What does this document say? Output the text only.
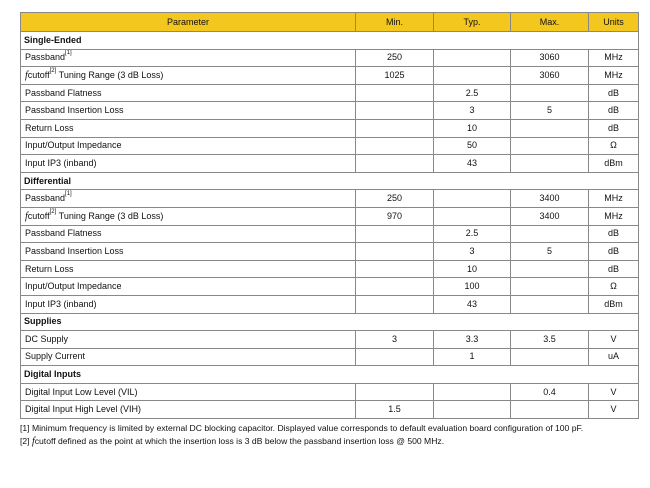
Parameter	Min.	Typ.	Max.	Units
Single-Ended				
Passband[1]	250		3060	MHz
fcutoff[2] Tuning Range (3 dB Loss)	1025		3060	MHz
Passband Flatness		2.5		dB
Passband Insertion Loss		3	5	dB
Return Loss		10		dB
Input/Output Impedance		50		Ω
Input IP3 (inband)		43		dBm
Differential				
Passband[1]	250		3400	MHz
fcutoff[2] Tuning Range (3 dB Loss)	970		3400	MHz
Passband Flatness		2.5		dB
Passband Insertion Loss		3	5	dB
Return Loss		10		dB
Input/Output Impedance		100		Ω
Input IP3 (inband)		43		dBm
Supplies				
DC Supply	3	3.3	3.5	V
Supply Current		1		uA
Digital Inputs				
Digital Input Low Level (VIL)			0.4	V
Digital Input High Level (VIH)	1.5			V

[1] Minimum frequency is limited by external DC blocking capacitor. Displayed value corresponds to default evaluation board configuration of 100 pF.

[2] fcutoff defined as the point at which the insertion loss is 3 dB below the passband insertion loss @ 500 MHz.
